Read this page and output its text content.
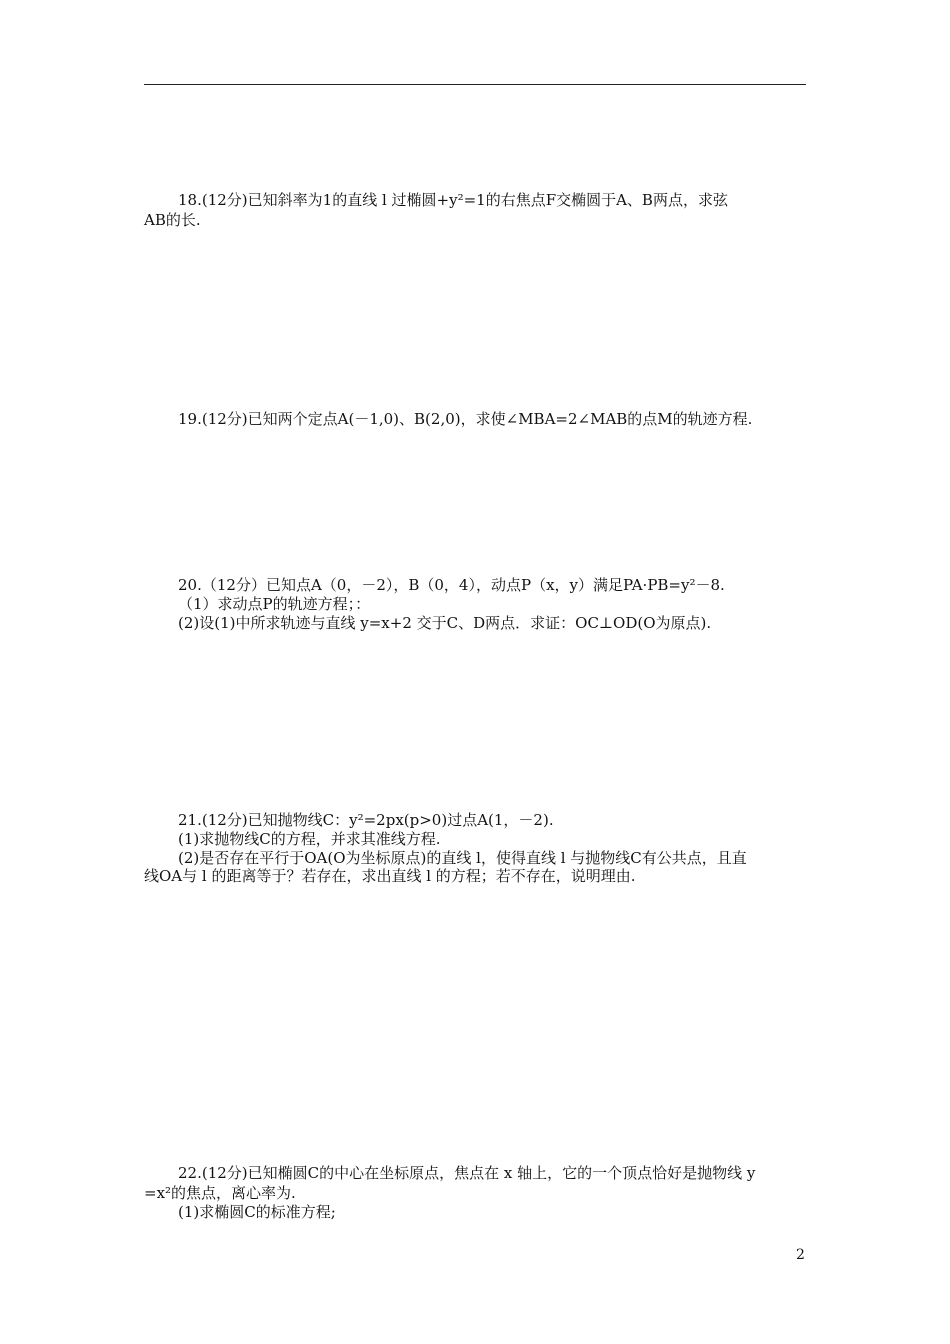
18.(12分)已知斜率为1的直线 l 过椭圆+y²=1的右焦点F交椭圆于A、B两点，求弦
AB的长.
19.(12分)已知两个定点A(－1,0)、B(2,0)，求使∠MBA=2∠MAB的点M的轨迹方程.
20.（12分）已知点A（0，－2），B（0，4），动点P（x，y）满足PA·PB=y²－8.
（1）求动点P的轨迹方程；：
(2)设(1)中所求轨迹与直线 y=x+2 交于C、D两点．求证：OC⊥OD(O为原点).
21.(12分)已知抛物线C：y²=2px(p>0)过点A(1，－2).
(1)求抛物线C的方程，并求其准线方程.
(2)是否存在平行于OA(O为坐标原点)的直线 l，使得直线 l 与抛物线C有公共点，且直
线OA与 l 的距离等于？若存在，求出直线 l 的方程；若不存在，说明理由.
22.(12分)已知椭圆C的中心在坐标原点，焦点在 x 轴上，它的一个顶点恰好是抛物线 y
=x²的焦点，离心率为.
(1)求椭圆C的标准方程;
2
